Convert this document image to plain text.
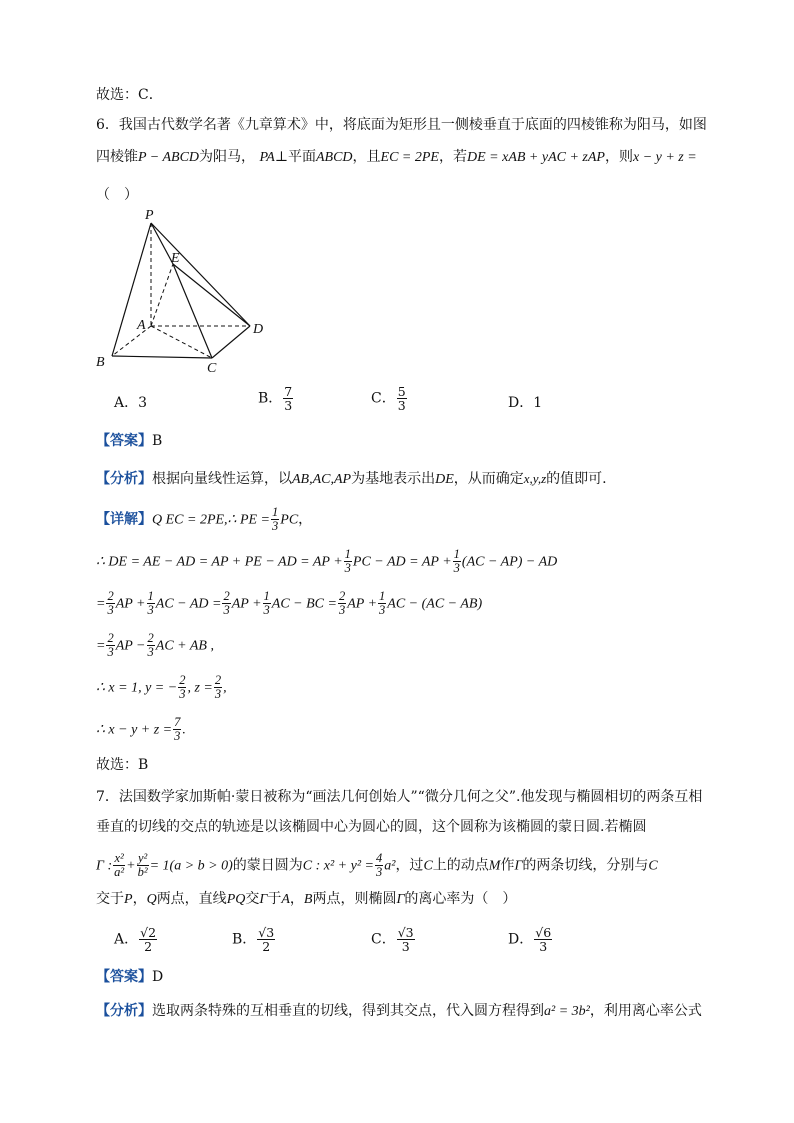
故选：C．
6．我国古代数学名著《九章算术》中，将底面为矩形且一侧棱垂直于底面的四棱锥称为阳马，如图
四棱锥P − ABCD为阳马， PA⊥平面ABCD，且EC = 2PE，若DE = xAB + yAC + zAP，则x − y + z =
（　）
P
E
A	D
B	C
A．3	B． $\frac{7}{3}$	C． $\frac{5}{3}$	D．1
【答案】B
【分析】根据向量线性运算，以AB,AC,AP为基地表示出DE，从而确定x,y,z的值即可.
【详解】Q EC = 2PE,∴ PE = $\frac{1}{3}$ PC，
∴ DE = AE − AD = AP + PE − AD = AP + $\frac{1}{3}$ PC − AD = AP + $\frac{1}{3} (AC - AP)$ − AD
= $\frac{2}{3}$ AP + $\frac{1}{3}$ AC − AD = $\frac{2}{3}$ AP + $\frac{1}{3}$ AC − BC = $\frac{2}{3}$ AP + $\frac{1}{3}$ AC − (AC − AB)
= $\frac{2}{3}$ AP − $\frac{2}{3}$ AC + AB ,
∴ x = 1, y = − $\frac{2}{3}$ , $z = \frac{2}{3}$ ,
∴ $x - y + z = \frac{7}{3}$ .
故选：B
7．法国数学家加斯帕·蒙日被称为“画法几何创始人”“微分几何之父”.他发现与椭圆相切的两条互相
垂直的切线的交点的轨迹是以该椭圆中心为圆心的圆，这个圆称为该椭圆的蒙日圆.若椭圆
Γ : $\frac{\text{x²}}{\text{a²}} + \frac{\text{y²}}{\text{b²}} = 1(a > b > 0)$的蒙日圆为C : $x^2 + y^2 = \frac{4}{3} a^2$，过C上的动点M作Γ的两条切线，分别与C
交于P，Q两点，直线PQ交Γ于A，B两点，则椭圆Γ的离心率为（　）
A． $\frac{√2}{2}$	B． $\frac{√3}{2}$	C． $\frac{√3}{3}$	D． $\frac{√6}{3}$
【答案】D
【分析】选取两条特殊的互相垂直的切线，得到其交点，代入圆方程得到a² = 3b²，利用离心率公式
